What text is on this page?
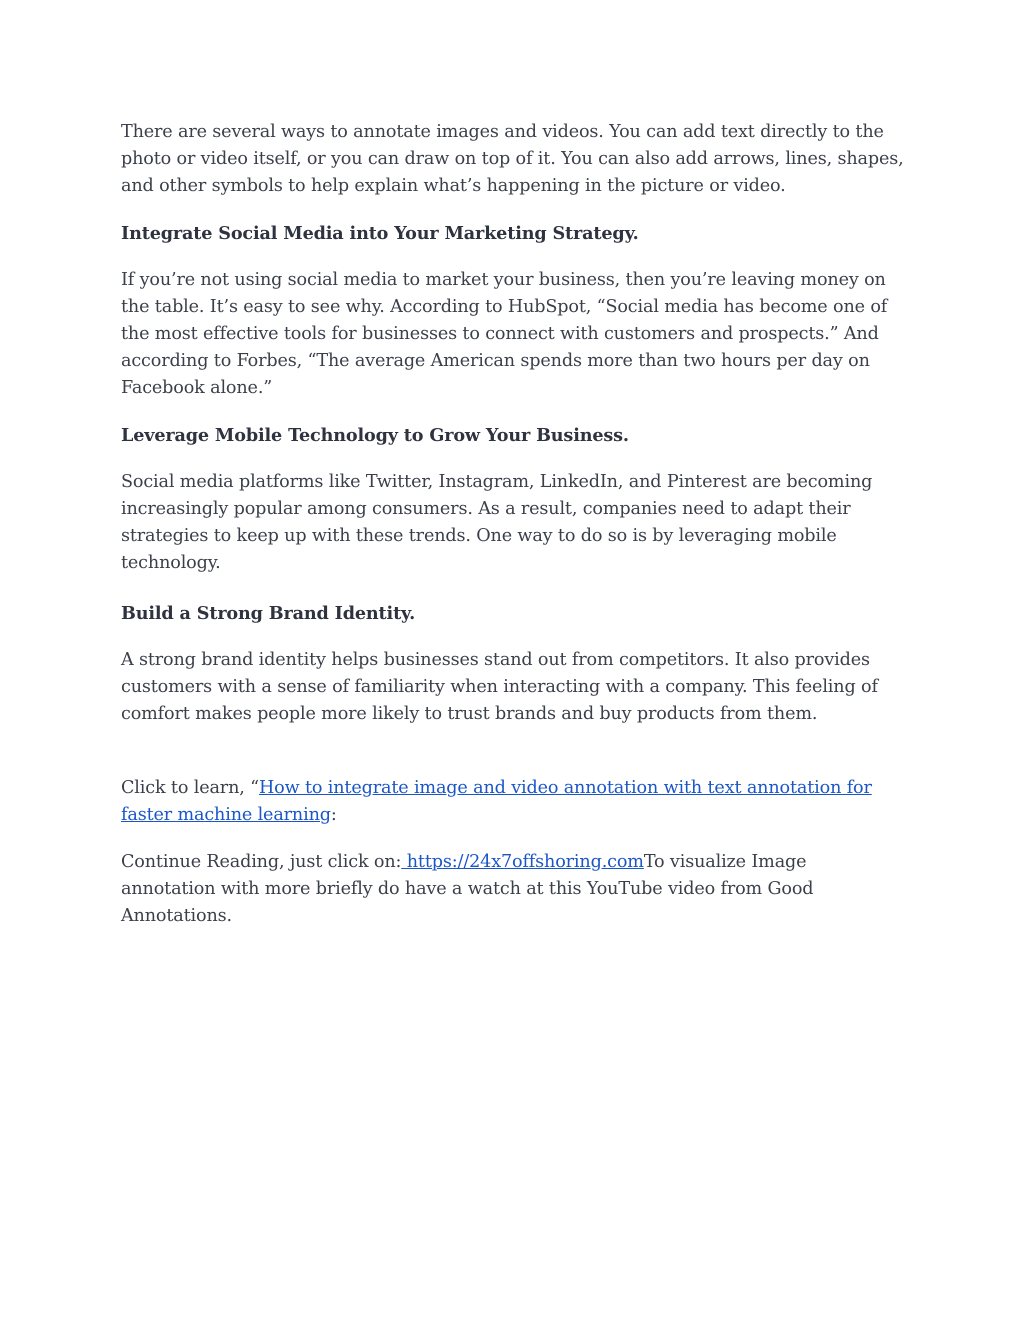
There are several ways to annotate images and videos. You can add text directly to the photo or video itself, or you can draw on top of it. You can also add arrows, lines, shapes, and other symbols to help explain what’s happening in the picture or video.

Integrate Social Media into Your Marketing Strategy.

If you’re not using social media to market your business, then you’re leaving money on the table. It’s easy to see why. According to HubSpot, “Social media has become one of the most effective tools for businesses to connect with customers and prospects.” And according to Forbes, “The average American spends more than two hours per day on Facebook alone.”

Leverage Mobile Technology to Grow Your Business.

Social media platforms like Twitter, Instagram, LinkedIn, and Pinterest are becoming increasingly popular among consumers. As a result, companies need to adapt their strategies to keep up with these trends. One way to do so is by leveraging mobile technology.

Build a Strong Brand Identity.

A strong brand identity helps businesses stand out from competitors. It also provides customers with a sense of familiarity when interacting with a company. This feeling of comfort makes people more likely to trust brands and buy products from them.

Click to learn, “How to integrate image and video annotation with text annotation for faster machine learning:

Continue Reading, just click on: https://24x7offshoring.comTo visualize Image annotation with more briefly do have a watch at this YouTube video from Good Annotations.
